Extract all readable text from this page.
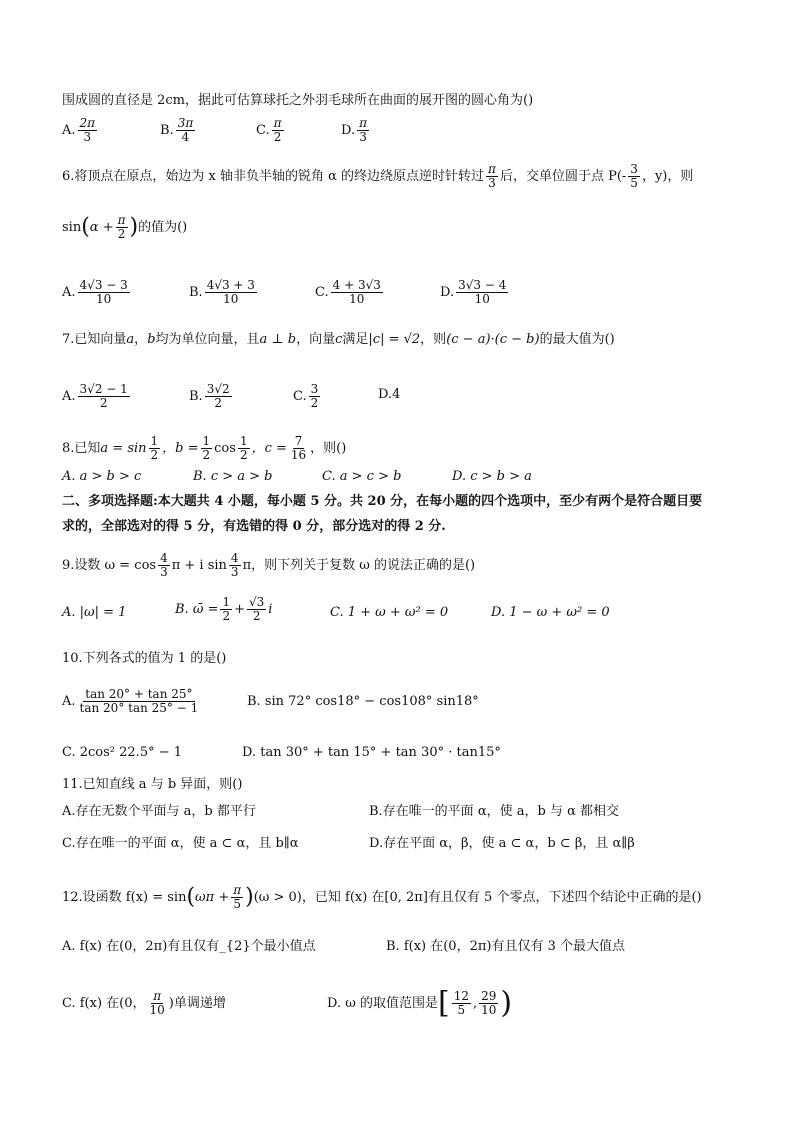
围成圆的直径是 2cm，据此可估算球托之外羽毛球所在曲面的展开图的圆心角为()
A. $\frac{2\pi}{3}$	B. $\frac{3\pi}{4}$	C. $\frac{\pi}{2}$	D. $\frac{\pi}{3}$
6.将顶点在原点，始边为 x 轴非负半轴的锐角 α 的终边绕原点逆时针转过 $\frac{\pi}{3}$ 后，交单位圆于点 $P(- \frac{3}{5}$ ，y)，则
$\sin(\alpha + \frac{\pi}{2}$ )的值为()
A. $\frac{4√3 - 3}{10}$	B. $\frac{4√3 + 3}{10}$	C. $\frac{4 + 3√3}{10}$	D. $\frac{3√3 - 4}{10}$
7.已知向量a，b均为单位向量，且a ⊥ b，向量c满足|c| = √2，则(c − a)·(c − b)的最大值为()
A. $\frac{3√2 - 1}{2}$	B. $\frac{3√2}{2}$	C. $\frac{3}{2}$	D.4
8.已知$a = \sin \frac{1}{2}$ ，$b = \frac{1}{2}$ $\cos \frac{1}{2}$ ，$c = \frac{7}{16}$ ，则()
A. a > b > c	B. c > a > b	C. a > c > b	D. c > b > a
二、多项选择题:本大题共 4 小题，每小题 5 分。共 20 分，在每小题的四个选项中，至少有两个是符合题目要
求的，全部选对的得 5 分，有选错的得 0 分，部分选对的得 2 分.
9.设数 $\omega = \cos \frac{4}{3}$ π + i $\sin \frac{4}{3}$ π，则下列关于复数 ω 的说法正确的是()
A. |ω| = 1	B. ω̄ = $\frac{1}{2} + \frac{√3}{2}$ i	C. 1 + ω + ω² = 0	D. 1 − ω + ω² = 0
10.下列各式的值为 1 的是()
A. $\frac{\tan 20^\circ + \tan 25^\circ}{\tan 20^\circ \tan 25^\circ - 1}$	B. sin 72° cos18° − cos108° sin18°
C. 2cos² 22.5° − 1	D. tan 30° + tan 15° + tan 30° · tan15°
11.已知直线 a 与 b 异面，则()
A.存在无数个平面与 a，b 都平行	B.存在唯一的平面 α，使 a，b 与 α 都相交
C.存在唯一的平面 α，使 a ⊂ α，且 b∥α	D.存在平面 α，β，使 a ⊂ α，b ⊂ β，且 α∥β
12.设函数 $f(x) = \sin(\omega\pi + \frac{\pi}{5} )(\omega > 0)$，已知 f(x) 在[0, 2π]有且仅有 5 个零点，下述四个结论中正确的是()
A. f(x) 在(0，2π)有且仅有_{2}个最小值点	B. f(x) 在(0，2π)有且仅有 3 个最大值点
C. f(x) 在(0， $\frac{\pi}{10}$ )单调递增	D. ω 的取值范围是[ $\frac{12}{5}$ , $\frac{29}{10}$ )
